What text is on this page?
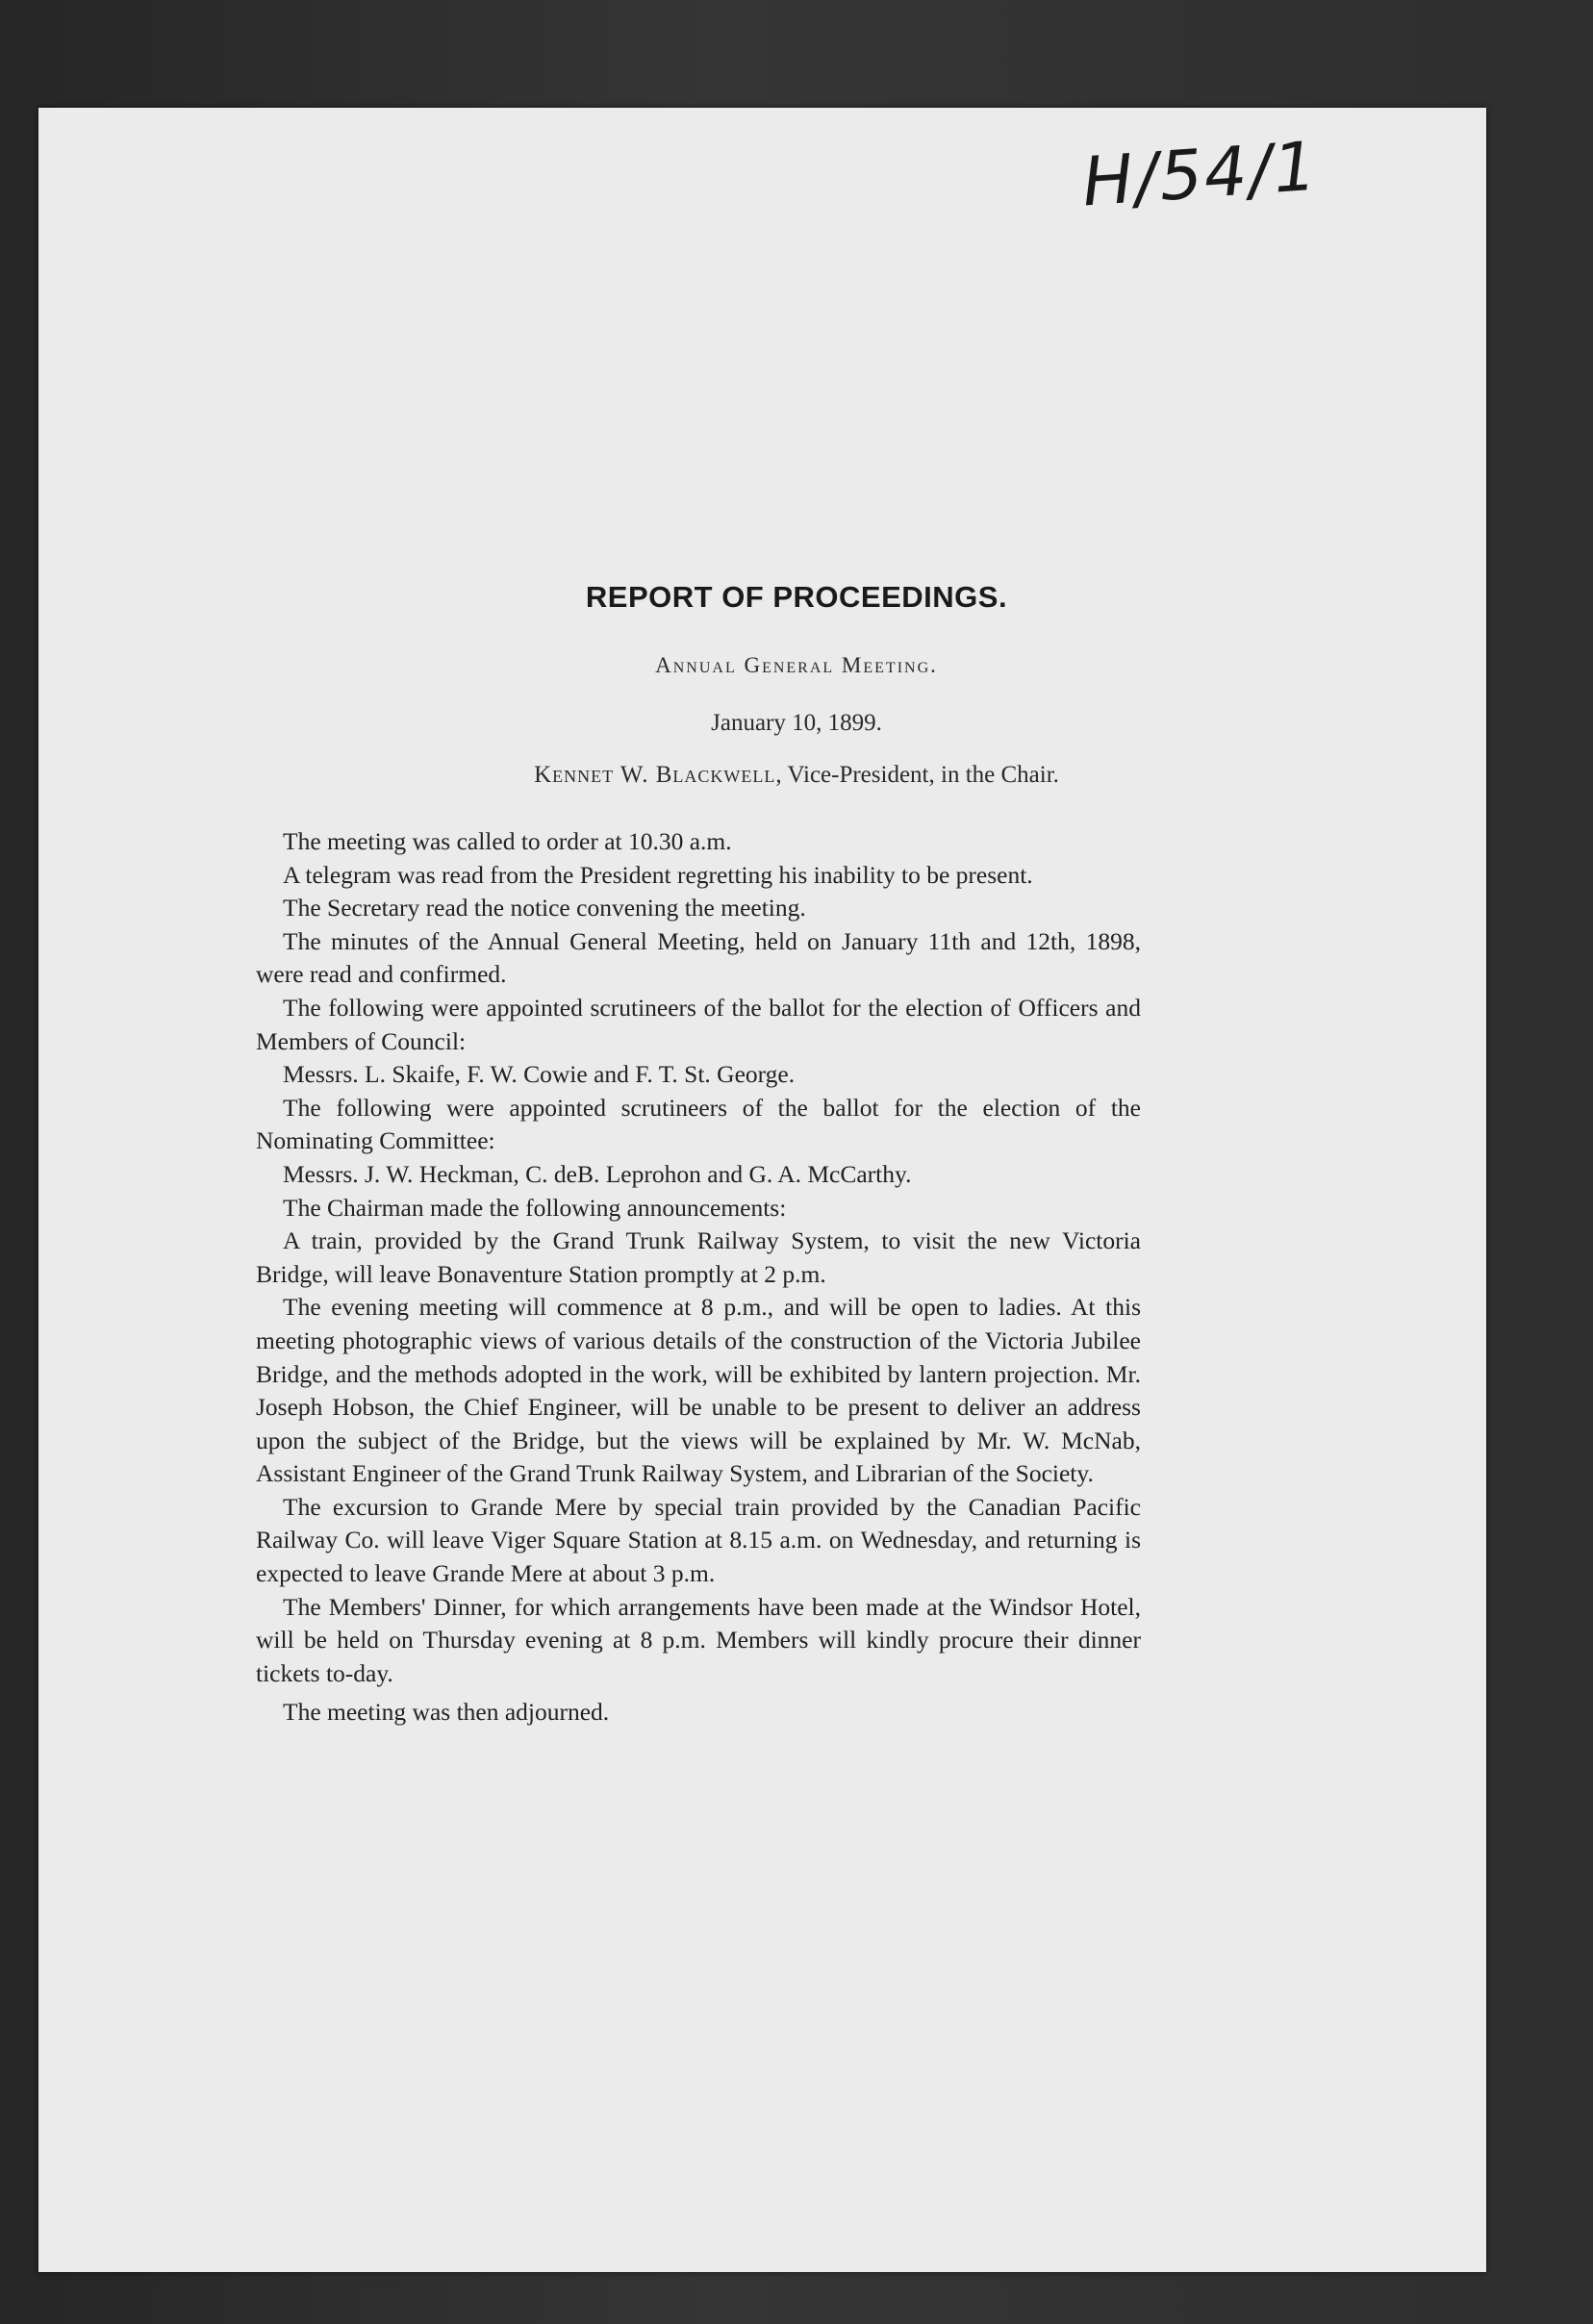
H/54/1
REPORT OF PROCEEDINGS.
Annual General Meeting.
January 10, 1899.
Kennet W. Blackwell, Vice-President, in the Chair.

The meeting was called to order at 10.30 a.m.

A telegram was read from the President regretting his inability to be present.

The Secretary read the notice convening the meeting.

The minutes of the Annual General Meeting, held on January 11th and 12th, 1898, were read and confirmed.

The following were appointed scrutineers of the ballot for the election of Officers and Members of Council:

Messrs. L. Skaife, F. W. Cowie and F. T. St. George.

The following were appointed scrutineers of the ballot for the election of the Nominating Committee:

Messrs. J. W. Heckman, C. deB. Leprohon and G. A. McCarthy.

The Chairman made the following announcements:

A train, provided by the Grand Trunk Railway System, to visit the new Victoria Bridge, will leave Bonaventure Station promptly at 2 p.m.

The evening meeting will commence at 8 p.m., and will be open to ladies. At this meeting photographic views of various details of the construction of the Victoria Jubilee Bridge, and the methods adopted in the work, will be exhibited by lantern projection. Mr. Joseph Hobson, the Chief Engineer, will be unable to be present to deliver an address upon the subject of the Bridge, but the views will be explained by Mr. W. McNab, Assistant Engineer of the Grand Trunk Railway System, and Librarian of the Society.

The excursion to Grande Mere by special train provided by the Canadian Pacific Railway Co. will leave Viger Square Station at 8.15 a.m. on Wednesday, and returning is expected to leave Grande Mere at about 3 p.m.

The Members' Dinner, for which arrangements have been made at the Windsor Hotel, will be held on Thursday evening at 8 p.m. Members will kindly procure their dinner tickets to-day.

The meeting was then adjourned.
